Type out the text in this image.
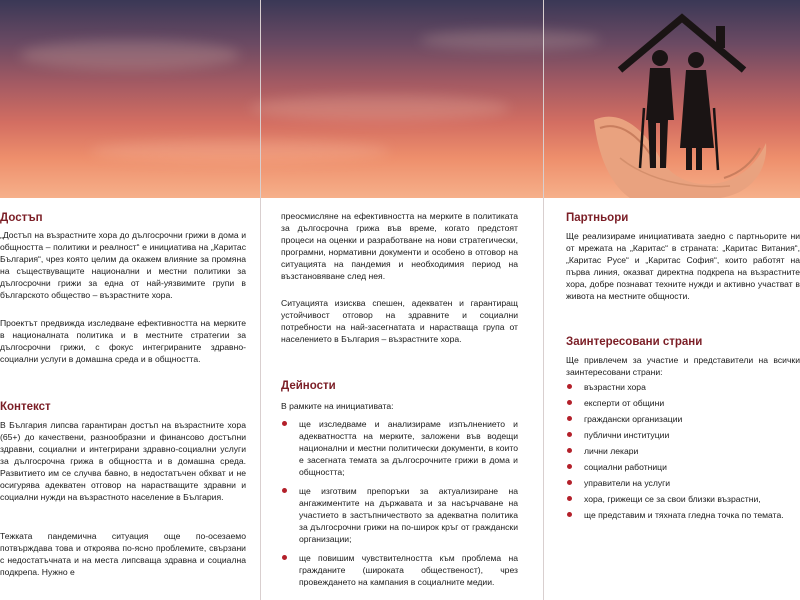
Достъп

„Достъп на възрастните хора до дългосрочни грижи в дома и общността – политики и реалност“ е инициатива на „Каритас България“, чрез която целим да окажем влияние за промяна на съществуващите национални и местни политики за дългосрочни грижи за една от най-уязвимите групи в българското общество – възрастните хора.

Проектът предвижда изследване ефективността на мерките в националната политика и в местните стратегии за дългосрочни грижи, с фокус интегрираните здравно-социални услуги в домашна среда и в общността.

Контекст

В България липсва гарантиран достъп на възрастните хора (65+) до качествени, разнообразни и финансово достъпни здравни, социални и интегрирани здравно-социални услуги за дългосрочна грижа в общността и в домашна среда. Развитието им се случва бавно, в недостатъчен обхват и не осигурява адекватен отговор на нарастващите здравни и социални нужди на възрастното население в България.

Тежката пандемична ситуация още по-осезаемо потвърждава това и откроява по-ясно проблемите, свързани с недостатъчната и на места липсваща здравна и социална подкрепа. Нужно е

преосмисляне на ефективността на мерките в политиката за дългосрочна грижа във време, когато предстоят процеси на оценки и разработване на нови стратегически, програмни, нормативни документи и особено в отговор на ситуацията на пандемия и необходимия период на възстановяване след нея.

Ситуацията изисква спешен, адекватен и гарантиращ устойчивост отговор на здравните и социални потребности на най-засегнатата и нарастваща група от населението в България – възрастните хора.

Дейности

В рамките на инициативата:

щe изследваме и анализираме изпълнението и адекватността на мерките, заложени във водещи национални и местни политически документи, в които е засегната темата за дългосрочните грижи в дома и общността;
ще изготвим препоръки за актуализиране на ангажиментите на държавата и за насърчаване на участието в застъпничеството за адекватна политика за дългосрочни грижи на по-широк кръг от граждански организации;
ще повишим чувствителността към проблема на гражданите (широката общественост), чрез провеждането на кампания в социалните медии.
Партньори

Ще реализираме инициативата заедно с партньорите ни от мрежата на „Каритас“ в страната: „Каритас Витания“, „Каритас Русе“ и „Каритас София“, които работят на първа линия, оказват директна подкрепа на възрастните хора, добре познават техните нужди и активно участват в живота на местните общности.

Заинтересовани страни

Ще привлечем за участие и представители на всички заинтересовани страни:

възрастни хора
експерти от общини
граждански организации
публични институции
лични лекари
социални работници
управители на услуги
хора, грижещи се за свои близки възрастни,
ще представим и тяхната гледна точка по темата.
